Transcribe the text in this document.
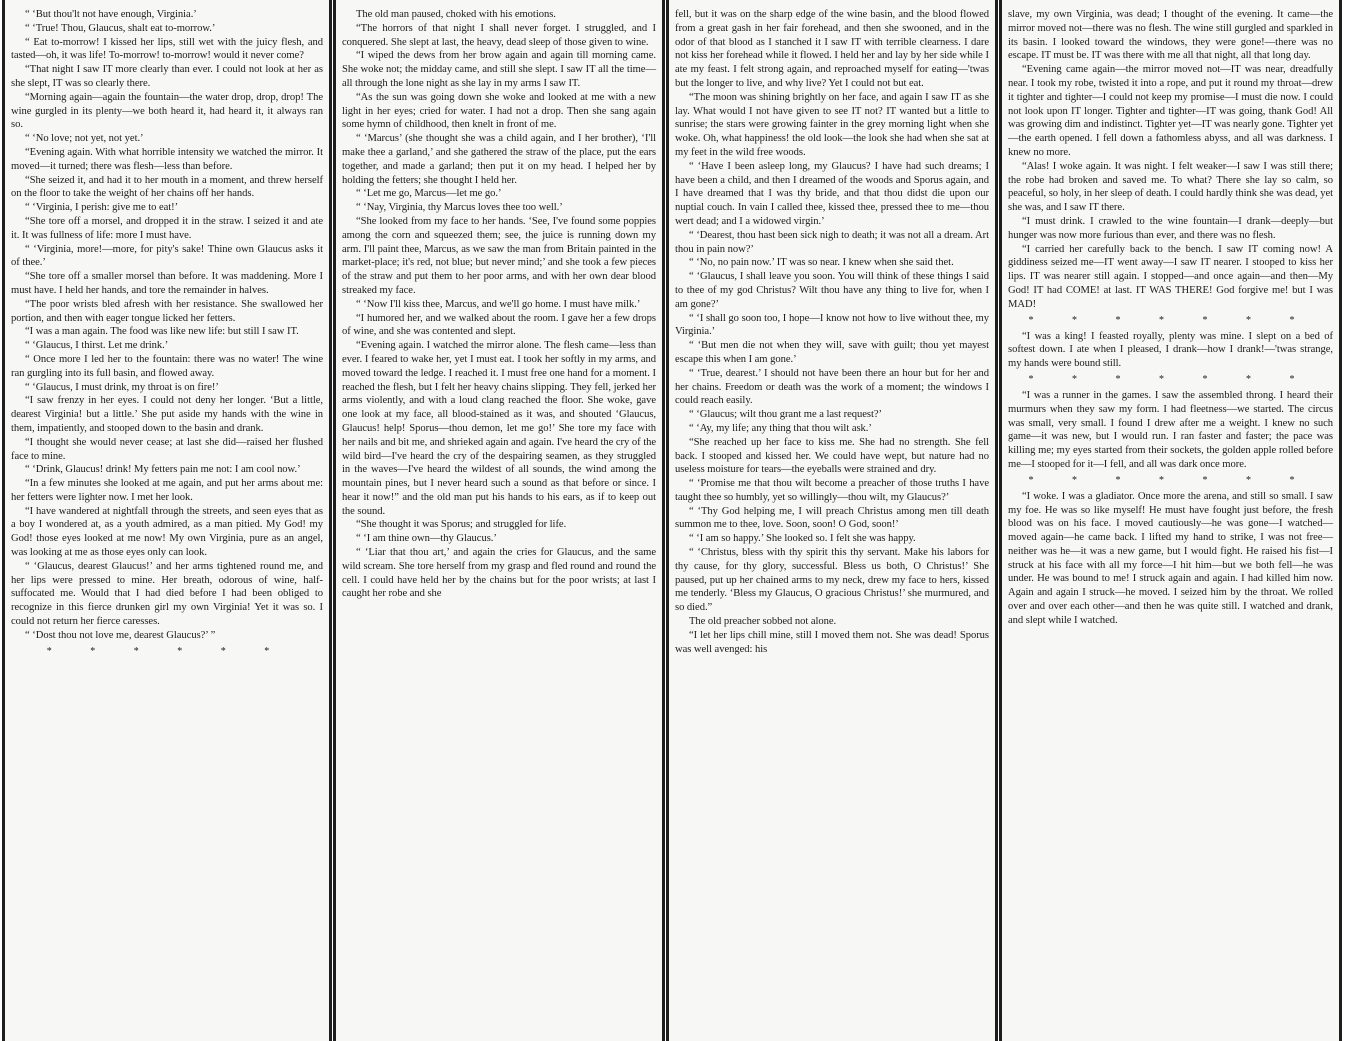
“ ‘But thou'lt not have enough, Virginia.’

“ ‘True! Thou, Glaucus, shalt eat to-morrow.’

“ Eat to-morrow! I kissed her lips, still wet with the juicy flesh, and tasted—oh, it was life! To-morrow! to-morrow! would it never come?

“That night I saw IT more clearly than ever. I could not look at her as she slept, IT was so clearly there.

“Morning again—again the fountain—the water drop, drop, drop! The wine gurgled in its plenty—we both heard it, had heard it, it always ran so.

“ ‘No love; not yet, not yet.’

“Evening again. With what horrible intensity we watched the mirror. It moved—it turned; there was flesh—less than before.

“She seized it, and had it to her mouth in a moment, and threw herself on the floor to take the weight of her chains off her hands.

“ ‘Virginia, I perish: give me to eat!’

“She tore off a morsel, and dropped it in the straw. I seized it and ate it. It was fullness of life: more I must have.

“ ‘Virginia, more!—more, for pity's sake! Thine own Glaucus asks it of thee.’

“She tore off a smaller morsel than before. It was maddening. More I must have. I held her hands, and tore the remainder in halves.

“The poor wrists bled afresh with her resistance. She swallowed her portion, and then with eager tongue licked her fetters.

“I was a man again. The food was like new life: but still I saw IT.

“ ‘Glaucus, I thirst. Let me drink.’

“ Once more I led her to the fountain: there was no water! The wine ran gurgling into its full basin, and flowed away.

“ ‘Glaucus, I must drink, my throat is on fire!’

“I saw frenzy in her eyes. I could not deny her longer. ‘But a little, dearest Virginia! but a little.’ She put aside my hands with the wine in them, impatiently, and stooped down to the basin and drank.

“I thought she would never cease; at last she did—raised her flushed face to mine.

“ ‘Drink, Glaucus! drink! My fetters pain me not: I am cool now.’

“In a few minutes she looked at me again, and put her arms about me: her fetters were lighter now. I met her look.

“I have wandered at nightfall through the streets, and seen eyes that as a boy I wondered at, as a youth admired, as a man pitied. My God! my God! those eyes looked at me now! My own Virginia, pure as an angel, was looking at me as those eyes only can look.

“ ‘Glaucus, dearest Glaucus!’ and her arms tightened round me, and her lips were pressed to mine. Her breath, odorous of wine, half-suffocated me. Would that I had died before I had been obliged to recognize in this fierce drunken girl my own Virginia! Yet it was so. I could not return her fierce caresses.

“ ‘Dost thou not love me, dearest Glaucus?’ ”

* * * * * *

The old man paused, choked with his emotions.

“The horrors of that night I shall never forget. I struggled, and I conquered. She slept at last, the heavy, dead sleep of those given to wine.

“I wiped the dews from her brow again and again till morning came. She woke not; the midday came, and still she slept. I saw IT all the time—all through the lone night as she lay in my arms I saw IT.

“As the sun was going down she woke and looked at me with a new light in her eyes; cried for water. I had not a drop. Then she sang again some hymn of childhood, then knelt in front of me.

“ ‘Marcus’ (she thought she was a child again, and I her brother), ‘I'll make thee a garland,’ and she gathered the straw of the place, put the ears together, and made a garland; then put it on my head. I helped her by holding the fetters; she thought I held her.

“ ‘Let me go, Marcus—let me go.’

“ ‘Nay, Virginia, thy Marcus loves thee too well.’

“She looked from my face to her hands. ‘See, I've found some poppies among the corn and squeezed them; see, the juice is running down my arm. I'll paint thee, Marcus, as we saw the man from Britain painted in the market-place; it's red, not blue; but never mind;’ and she took a few pieces of the straw and put them to her poor arms, and with her own dear blood streaked my face.

“ ‘Now I'll kiss thee, Marcus, and we'll go home. I must have milk.’

“I humored her, and we walked about the room. I gave her a few drops of wine, and she was contented and slept.

“Evening again. I watched the mirror alone. The flesh came—less than ever. I feared to wake her, yet I must eat. I took her softly in my arms, and moved toward the ledge. I reached it. I must free one hand for a moment. I reached the flesh, but I felt her heavy chains slipping. They fell, jerked her arms violently, and with a loud clang reached the floor. She woke, gave one look at my face, all blood-stained as it was, and shouted ‘Glaucus, Glaucus! help! Sporus—thou demon, let me go!’ She tore my face with her nails and bit me, and shrieked again and again. I've heard the cry of the wild bird—I've heard the cry of the despairing seamen, as they struggled in the waves—I've heard the wildest of all sounds, the wind among the mountain pines, but I never heard such a sound as that before or since. I hear it now!” and the old man put his hands to his ears, as if to keep out the sound.

“She thought it was Sporus; and struggled for life.

“ ‘I am thine own—thy Glaucus.’

“ ‘Liar that thou art,’ and again the cries for Glaucus, and the same wild scream. She tore herself from my grasp and fled round and round the cell. I could have held her by the chains but for the poor wrists; at last I caught her robe and she

fell, but it was on the sharp edge of the wine basin, and the blood flowed from a great gash in her fair forehead, and then she swooned, and in the odor of that blood as I stanched it I saw IT with terrible clearness. I dare not kiss her forehead while it flowed. I held her and lay by her side while I ate my feast. I felt strong again, and reproached myself for eating—'twas but the longer to live, and why live? Yet I could not but eat.

“The moon was shining brightly on her face, and again I saw IT as she lay. What would I not have given to see IT not? IT wanted but a little to sunrise; the stars were growing fainter in the grey morning light when she woke. Oh, what happiness! the old look—the look she had when she sat at my feet in the wild free woods.

“ ‘Have I been asleep long, my Glaucus? I have had such dreams; I have been a child, and then I dreamed of the woods and Sporus again, and I have dreamed that I was thy bride, and that thou didst die upon our nuptial couch. In vain I called thee, kissed thee, pressed thee to me—thou wert dead; and I a widowed virgin.’

“ ‘Dearest, thou hast been sick nigh to death; it was not all a dream. Art thou in pain now?’

“ ‘No, no pain now.’ IT was so near. I knew when she said thet.

“ ‘Glaucus, I shall leave you soon. You will think of these things I said to thee of my god Christus? Wilt thou have any thing to live for, when I am gone?’

“ ‘I shall go soon too, I hope—I know not how to live without thee, my Virginia.’

“ ‘But men die not when they will, save with guilt; thou yet mayest escape this when I am gone.’

“ ‘True, dearest.’ I should not have been there an hour but for her and her chains. Freedom or death was the work of a moment; the windows I could reach easily.

“ ‘Glaucus; wilt thou grant me a last request?’

“ ‘Ay, my life; any thing that thou wilt ask.’

“She reached up her face to kiss me. She had no strength. She fell back. I stooped and kissed her. We could have wept, but nature had no useless moisture for tears—the eyeballs were strained and dry.

“ ‘Promise me that thou wilt become a preacher of those truths I have taught thee so humbly, yet so willingly—thou wilt, my Glaucus?’

“ ‘Thy God helping me, I will preach Christus among men till death summon me to thee, love. Soon, soon! O God, soon!’

“ ‘I am so happy.’ She looked so. I felt she was happy.

“ ‘Christus, bless with thy spirit this thy servant. Make his labors for thy cause, for thy glory, successful. Bless us both, O Christus!’ She paused, put up her chained arms to my neck, drew my face to hers, kissed me tenderly. ‘Bless my Glaucus, O gracious Christus!’ she murmured, and so died.”

The old preacher sobbed not alone.

“I let her lips chill mine, still I moved them not. She was dead! Sporus was well avenged: his

slave, my own Virginia, was dead; I thought of the evening. It came—the mirror moved not—there was no flesh. The wine still gurgled and sparkled in its basin. I looked toward the windows, they were gone!—there was no escape. IT must be. IT was there with me all that night, all that long day.

“Evening came again—the mirror moved not—IT was near, dreadfully near. I took my robe, twisted it into a rope, and put it round my throat—drew it tighter and tighter—I could not keep my promise—I must die now. I could not look upon IT longer. Tighter and tighter—IT was going, thank God! All was growing dim and indistinct. Tighter yet—IT was nearly gone. Tighter yet—the earth opened. I fell down a fathomless abyss, and all was darkness. I knew no more.

“Alas! I woke again. It was night. I felt weaker—I saw I was still there; the robe had broken and saved me. To what? There she lay so calm, so peaceful, so holy, in her sleep of death. I could hardly think she was dead, yet she was, and I saw IT there.

“I must drink. I crawled to the wine fountain—I drank—deeply—but hunger was now more furious than ever, and there was no flesh.

“I carried her carefully back to the bench. I saw IT coming now! A giddiness seized me—IT went away—I saw IT nearer. I stooped to kiss her lips. IT was nearer still again. I stopped—and once again—and then—My God! IT had COME! at last. IT WAS THERE! God forgive me! but I was MAD!

* * * * * * *

“I was a king! I feasted royally, plenty was mine. I slept on a bed of softest down. I ate when I pleased, I drank—how I drank!—'twas strange, my hands were bound still.

* * * * * * *

“I was a runner in the games. I saw the assembled throng. I heard their murmurs when they saw my form. I had fleetness—we started. The circus was small, very small. I found I drew after me a weight. I knew no such game—it was new, but I would run. I ran faster and faster; the pace was killing me; my eyes started from their sockets, the golden apple rolled before me—I stooped for it—I fell, and all was dark once more.

* * * * * * *

“I woke. I was a gladiator. Once more the arena, and still so small. I saw my foe. He was so like myself! He must have fought just before, the fresh blood was on his face. I moved cautiously—he was gone—I watched—moved again—he came back. I lifted my hand to strike, I was not free—neither was he—it was a new game, but I would fight. He raised his fist—I struck at his face with all my force—I hit him—but we both fell—he was under. He was bound to me! I struck again and again. I had killed him now. Again and again I struck—he moved. I seized him by the throat. We rolled over and over each other—and then he was quite still. I watched and drank, and slept while I watched.
